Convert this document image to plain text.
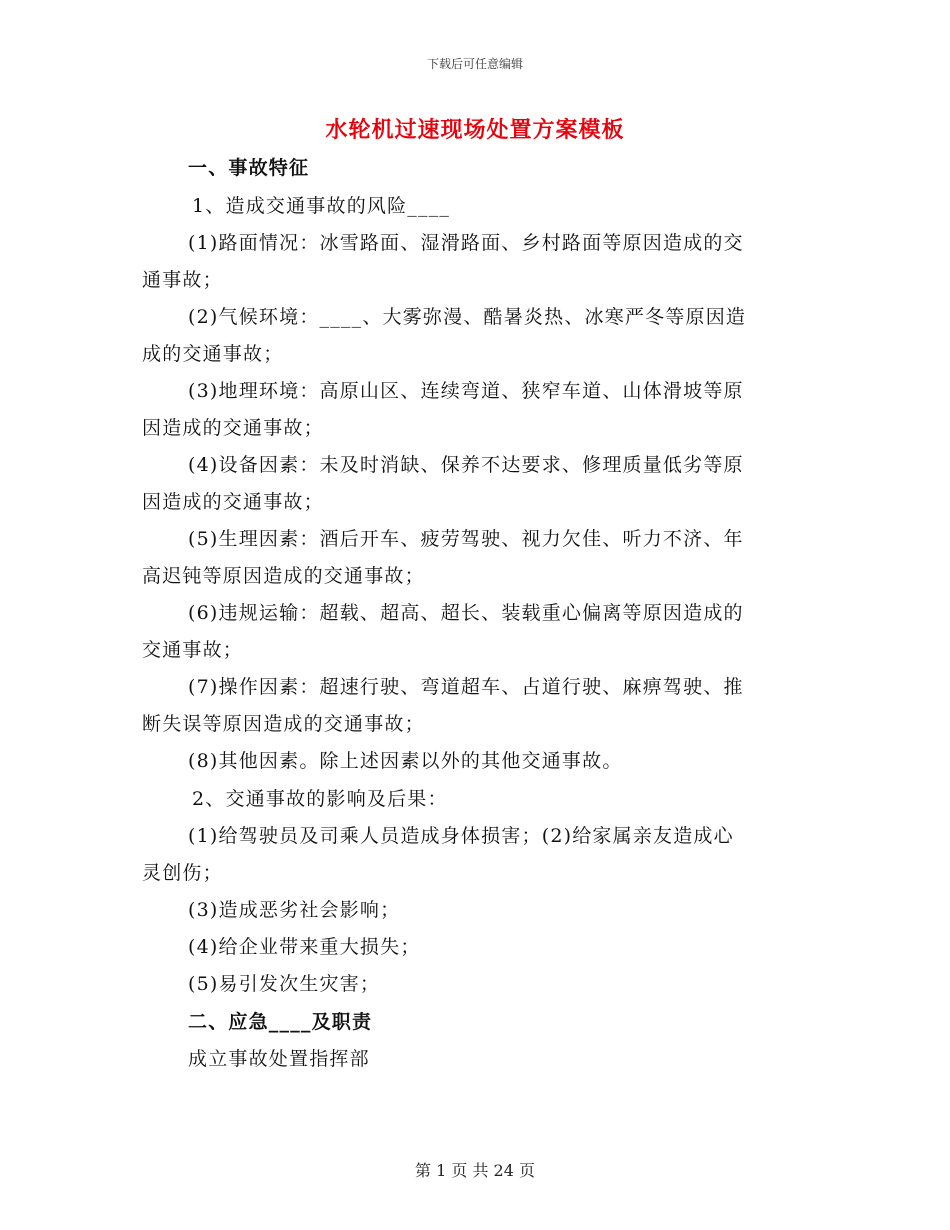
下载后可任意编辑
水轮机过速现场处置方案模板
一、事故特征
1、造成交通事故的风险____
(1)路面情况：冰雪路面、湿滑路面、乡村路面等原因造成的交
通事故；
(2)气候环境：____、大雾弥漫、酷暑炎热、冰寒严冬等原因造
成的交通事故；
(3)地理环境：高原山区、连续弯道、狭窄车道、山体滑坡等原
因造成的交通事故；
(4)设备因素：未及时消缺、保养不达要求、修理质量低劣等原
因造成的交通事故；
(5)生理因素：酒后开车、疲劳驾驶、视力欠佳、听力不济、年
高迟钝等原因造成的交通事故；
(6)违规运输：超载、超高、超长、装载重心偏离等原因造成的
交通事故；
(7)操作因素：超速行驶、弯道超车、占道行驶、麻痹驾驶、推
断失误等原因造成的交通事故；
(8)其他因素。除上述因素以外的其他交通事故。
2、交通事故的影响及后果：
(1)给驾驶员及司乘人员造成身体损害；(2)给家属亲友造成心
灵创伤；
(3)造成恶劣社会影响；
(4)给企业带来重大损失；
(5)易引发次生灾害；
二、应急____及职责
成立事故处置指挥部
第 1 页 共 24 页
